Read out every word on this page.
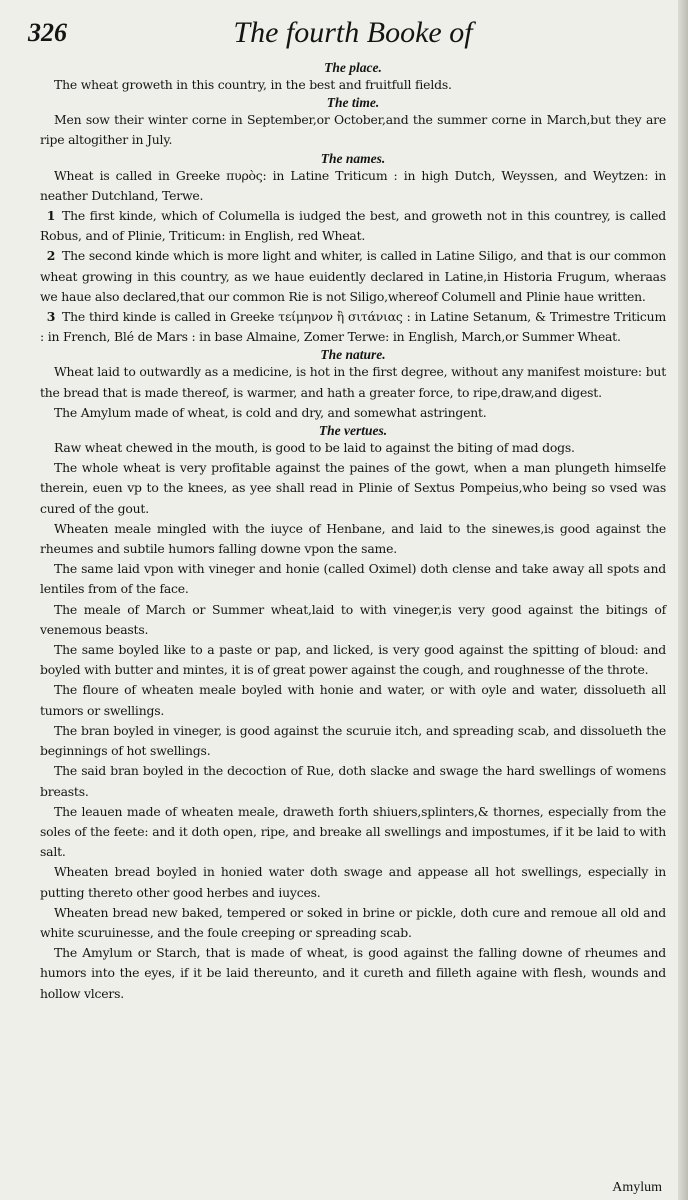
326	The fourth Booke of
The place.

The wheat groweth in this country, in the best and fruitfull fields.

The time.

Men sow their winter corne in September,or October,and the summer corne in March,but they are ripe altogither in July.

The names.

Wheat is called in Greeke πυρὸς: in Latine Triticum : in high Dutch, Weyssen, and Weytzen: in neather Dutchland, Terwe.

1 The first kinde, which of Columella is iudged the best, and groweth not in this countrey, is called Robus, and of Plinie, Triticum: in English, red Wheat.

2 The second kinde which is more light and whiter, is called in Latine Siligo, and that is our common wheat growing in this country, as we haue euidently declared in Latine,in Historia Frugum, wheraas we haue also declared,that our common Rie is not Siligo,whereof Columell and Plinie haue written.

3 The third kinde is called in Greeke τείμηνον ἢ σιτάνιας : in Latine Setanum, & Trimestre Triticum : in French, Blé de Mars : in base Almaine, Zomer Terwe: in English, March,or Summer Wheat.

The nature.

Wheat laid to outwardly as a medicine, is hot in the first degree, without any manifest moisture: but the bread that is made thereof, is warmer, and hath a greater force, to ripe,draw,and digest.

The Amylum made of wheat, is cold and dry, and somewhat astringent.

The vertues.

Raw wheat chewed in the mouth, is good to be laid to against the biting of mad dogs.

The whole wheat is very profitable against the paines of the gowt, when a man plungeth himselfe therein, euen vp to the knees, as yee shall read in Plinie of Sextus Pompeius,who being so vsed was cured of the gout.

Wheaten meale mingled with the iuyce of Henbane, and laid to the sinewes,is good against the rheumes and subtile humors falling downe vpon the same.

The same laid vpon with vineger and honie (called Oximel) doth clense and take away all spots and lentiles from of the face.

The meale of March or Summer wheat,laid to with vineger,is very good against the bitings of venemous beasts.

The same boyled like to a paste or pap, and licked, is very good against the spitting of bloud: and boyled with butter and mintes, it is of great power against the cough, and roughnesse of the throte.

The floure of wheaten meale boyled with honie and water, or with oyle and water, dissolueth all tumors or swellings.

The bran boyled in vineger, is good against the scuruie itch, and spreading scab, and dissolueth the beginnings of hot swellings.

The said bran boyled in the decoction of Rue, doth slacke and swage the hard swellings of womens breasts.

The leauen made of wheaten meale, draweth forth shiuers,splinters,& thornes, especially from the soles of the feete: and it doth open, ripe, and breake all swellings and impostumes, if it be laid to with salt.

Wheaten bread boyled in honied water doth swage and appease all hot swellings, especially in putting thereto other good herbes and iuyces.

Wheaten bread new baked, tempered or soked in brine or pickle, doth cure and remoue all old and white scuruinesse, and the foule creeping or spreading scab.

The Amylum or Starch, that is made of wheat, is good against the falling downe of rheumes and humors into the eyes, if it be laid thereunto, and it cureth and filleth againe with flesh, wounds and hollow vlcers.

Amylum
